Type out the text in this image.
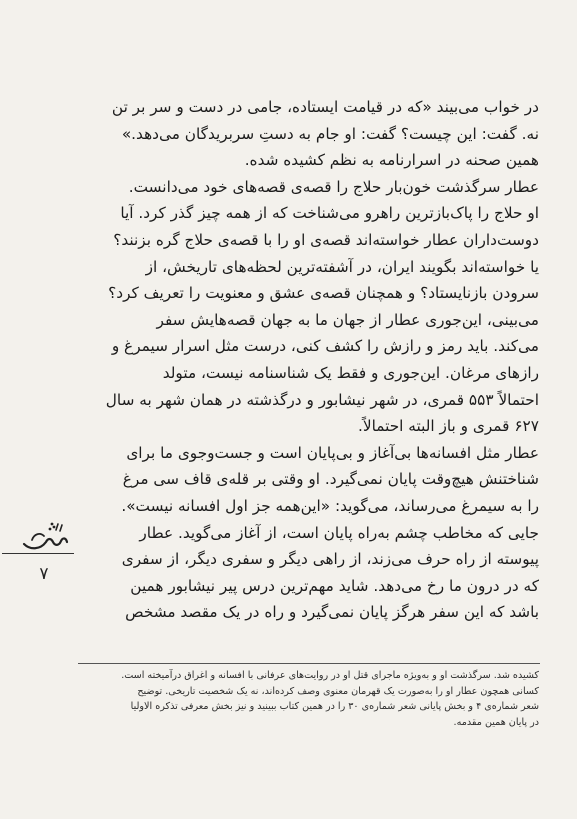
در خواب می‌بیند «که در قیامت ایستاده، جامی در دست و سر بر تن
نه. گفت: این چیست؟ گفت: او جام به دستِ سربریدگان می‌دهد.»
همین صحنه در اسرارنامه به نظم کشیده شده.
عطار سرگذشت خون‌بار حلاج را قصه‌ی قصه‌های خود می‌دانست.
او حلاج را پاک‌بازترین راهرو می‌شناخت که از همه چیز گذر کرد. آیا
دوست‌داران عطار خواسته‌اند قصه‌ی او را با قصه‌ی حلاج گره بزنند؟
یا خواسته‌اند بگویند ایران، در آشفته‌ترین لحظه‌های تاریخش، از
سرودن بازنایستاد؟ و همچنان قصه‌ی عشق و معنویت را تعریف کرد؟
می‌بینی، این‌جوری عطار از جهان ما به جهان قصه‌هایش سفر
می‌کند. باید رمز و رازش را کشف کنی، درست مثل اسرار سیمرغ و
رازهای مرغان. این‌جوری و فقط یک شناسنامه نیست، متولد
احتمالاً ۵۵۳ قمری، در شهر نیشابور و درگذشته در همان شهر به سال
۶۲۷ قمری و باز البته احتمالاً.
عطار مثل افسانه‌ها بی‌آغاز و بی‌پایان است و جست‌وجوی ما برای
شناختنش هیچ‌وقت پایان نمی‌گیرد. او وقتی بر قله‌ی قاف سی مرغ
را به سیمرغ می‌رساند، می‌گوید: «این‌همه جز اول افسانه نیست».
جایی که مخاطب چشم به‌راه پایان است، از آغاز می‌گوید. عطار
پیوسته از راه حرف می‌زند، از راهی دیگر و سفری دیگر، از سفری
که در درون ما رخ می‌دهد. شاید مهم‌ترین درس پیر نیشابور همین
باشد که این سفر هرگز پایان نمی‌گیرد و راه در یک مقصد مشخص
کشیده شد. سرگذشت او و به‌ویژه ماجرای قتل او در روایت‌های عرفانی با افسانه و اغراق درآمیخته است.
کسانی همچون عطار او را به‌صورت یک قهرمان معنوی وصف کرده‌اند، نه یک شخصیت تاریخی. توضیح
شعر شماره‌ی ۴ و بخش پایانی شعر شماره‌ی ۳۰ را در همین کتاب ببینید و نیز بخش معرفی تذکره الاولیا
در پایان همین مقدمه.
۷
